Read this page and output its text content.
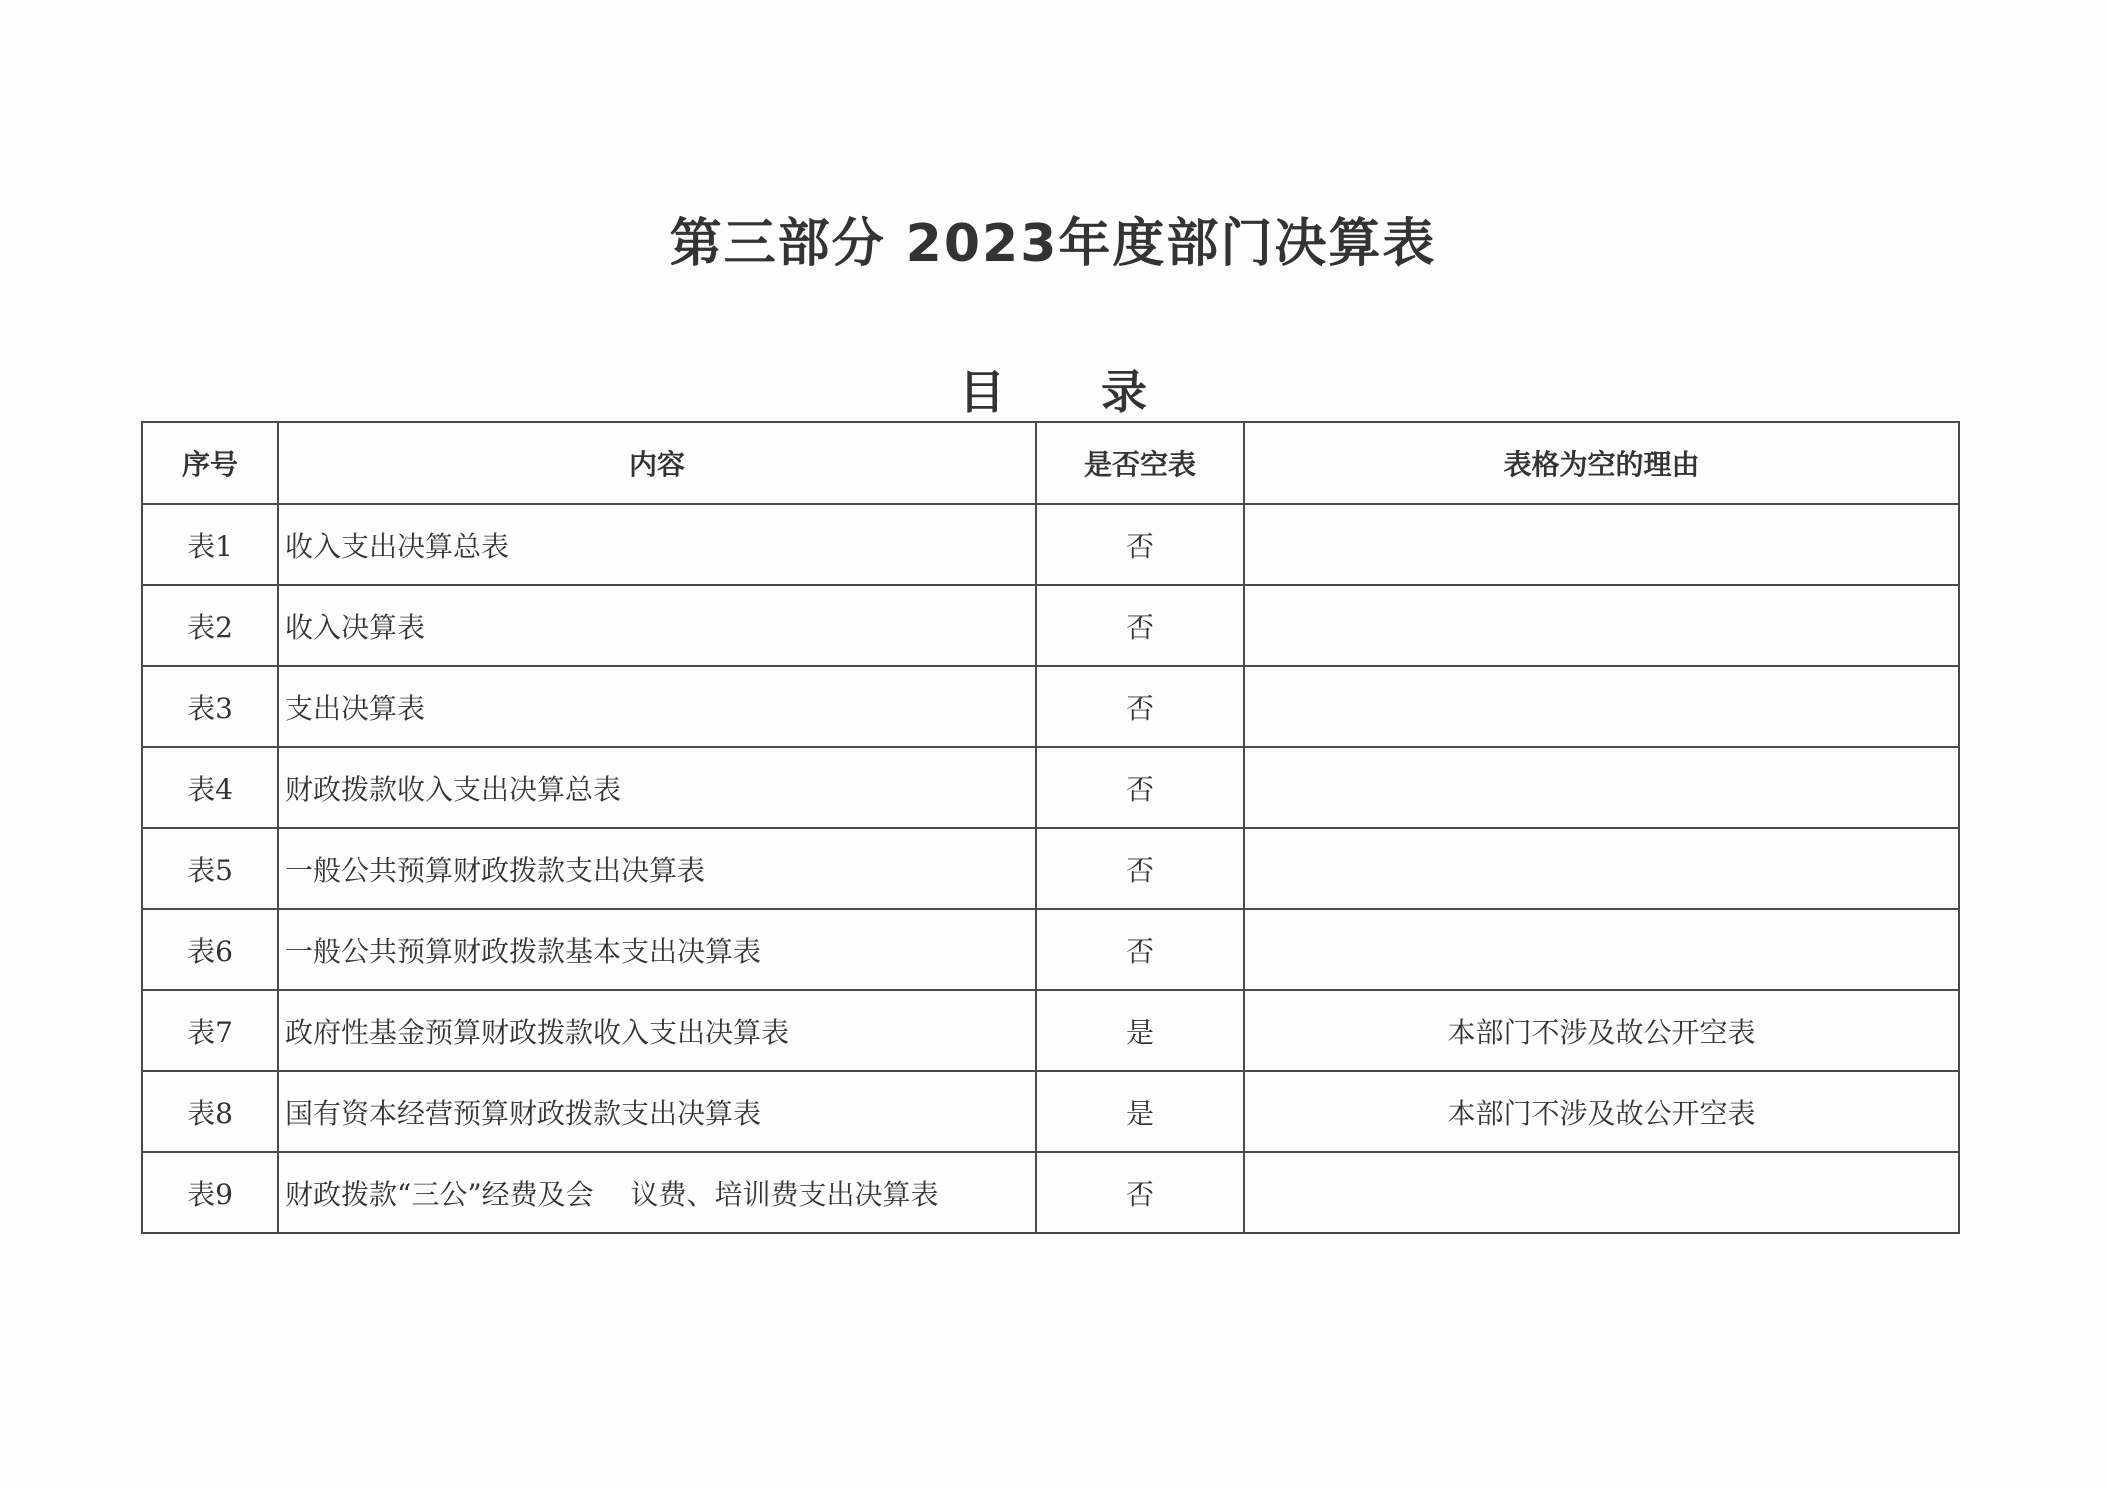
第三部分 2023年度部门决算表
目 录
序号	内容	是否空表	表格为空的理由
表1	收入支出决算总表	否	
表2	收入决算表	否	
表3	支出决算表	否	
表4	财政拨款收入支出决算总表	否	
表5	一般公共预算财政拨款支出决算表	否	
表6	一般公共预算财政拨款基本支出决算表	否	
表7	政府性基金预算财政拨款收入支出决算表	是	本部门不涉及故公开空表
表8	国有资本经营预算财政拨款支出决算表	是	本部门不涉及故公开空表
表9	财政拨款“三公”经费及会　 议费、培训费支出决算表	否	
